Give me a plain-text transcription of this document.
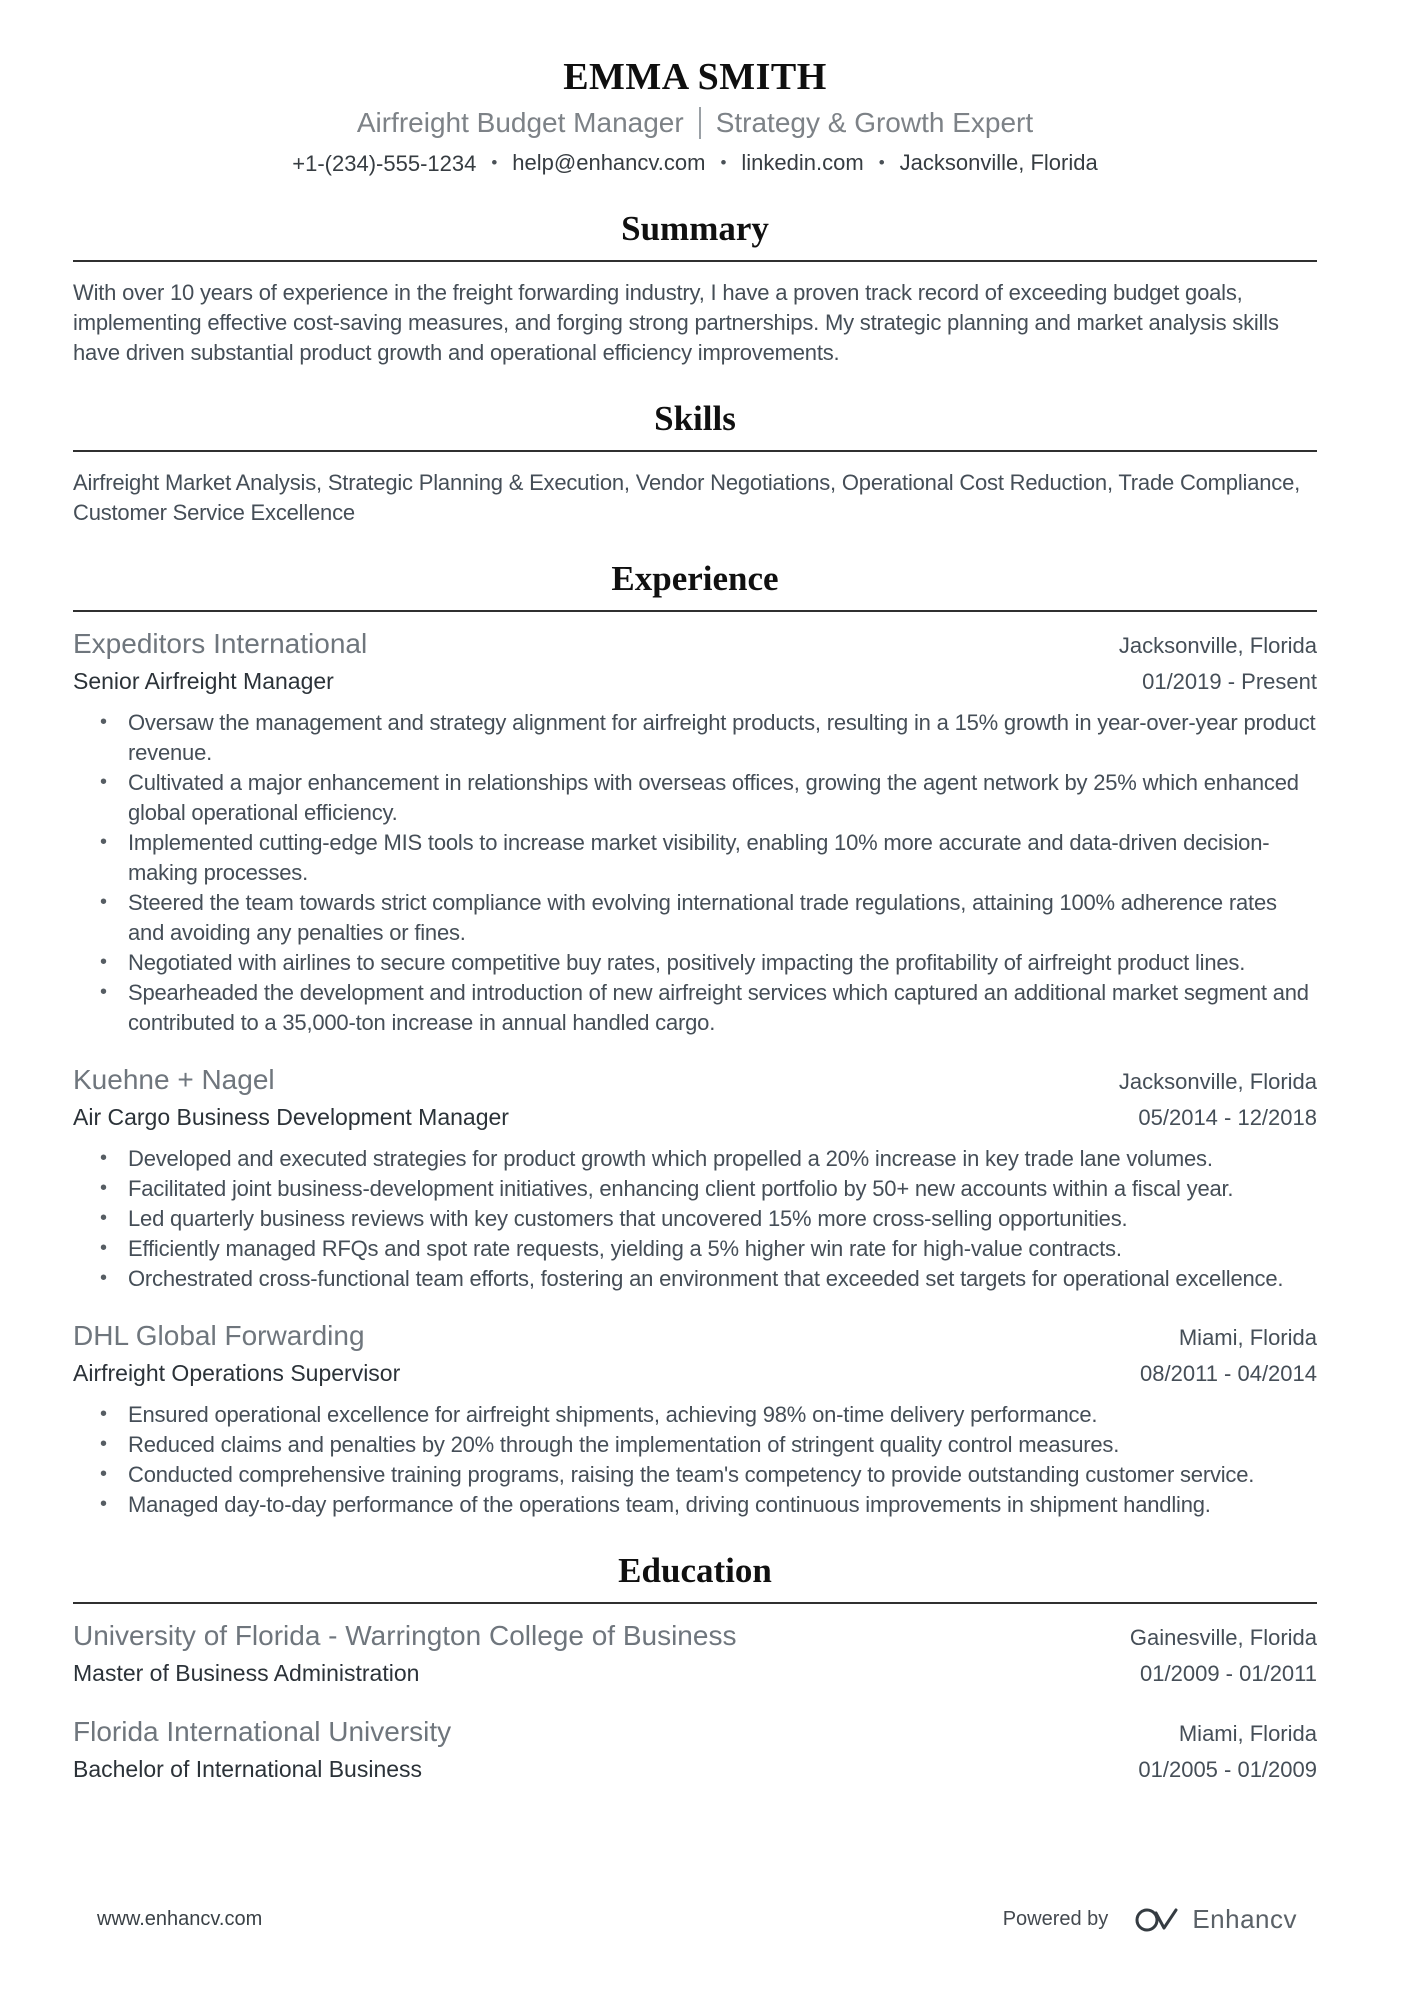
EMMA SMITH
Airfreight Budget Manager Strategy & Growth Expert
+1-(234)-555-1234	• help@enhancv.com	• linkedin.com	• Jacksonville, Florida
Summary

With over 10 years of experience in the freight forwarding industry, I have a proven track record of exceeding budget goals, implementing effective cost-saving measures, and forging strong partnerships. My strategic planning and market analysis skills have driven substantial product growth and operational efficiency improvements.

Skills

Airfreight Market Analysis, Strategic Planning & Execution, Vendor Negotiations, Operational Cost Reduction, Trade Compliance, Customer Service Excellence

Experience
Expeditors International	Jacksonville, Florida
Senior Airfreight Manager	01/2019 - Present
• Oversaw the management and strategy alignment for airfreight products, resulting in a 15% growth in year-over-year product revenue.
• Cultivated a major enhancement in relationships with overseas offices, growing the agent network by 25% which enhanced global operational efficiency.
• Implemented cutting-edge MIS tools to increase market visibility, enabling 10% more accurate and data-driven decision-making processes.
• Steered the team towards strict compliance with evolving international trade regulations, attaining 100% adherence rates and avoiding any penalties or fines.
• Negotiated with airlines to secure competitive buy rates, positively impacting the profitability of airfreight product lines.
• Spearheaded the development and introduction of new airfreight services which captured an additional market segment and contributed to a 35,000-ton increase in annual handled cargo.
Kuehne + Nagel	Jacksonville, Florida
Air Cargo Business Development Manager	05/2014 - 12/2018
• Developed and executed strategies for product growth which propelled a 20% increase in key trade lane volumes.
• Facilitated joint business-development initiatives, enhancing client portfolio by 50+ new accounts within a fiscal year.
• Led quarterly business reviews with key customers that uncovered 15% more cross-selling opportunities.
• Efficiently managed RFQs and spot rate requests, yielding a 5% higher win rate for high-value contracts.
• Orchestrated cross-functional team efforts, fostering an environment that exceeded set targets for operational excellence.
DHL Global Forwarding	Miami, Florida
Airfreight Operations Supervisor	08/2011 - 04/2014
• Ensured operational excellence for airfreight shipments, achieving 98% on-time delivery performance.
• Reduced claims and penalties by 20% through the implementation of stringent quality control measures.
• Conducted comprehensive training programs, raising the team's competency to provide outstanding customer service.
• Managed day-to-day performance of the operations team, driving continuous improvements in shipment handling.
Education
University of Florida - Warrington College of Business	Gainesville, Florida
Master of Business Administration	01/2009 - 01/2011
Florida International University	Miami, Florida
Bachelor of International Business	01/2005 - 01/2009
www.enhancv.com	Powered by	Enhancv
